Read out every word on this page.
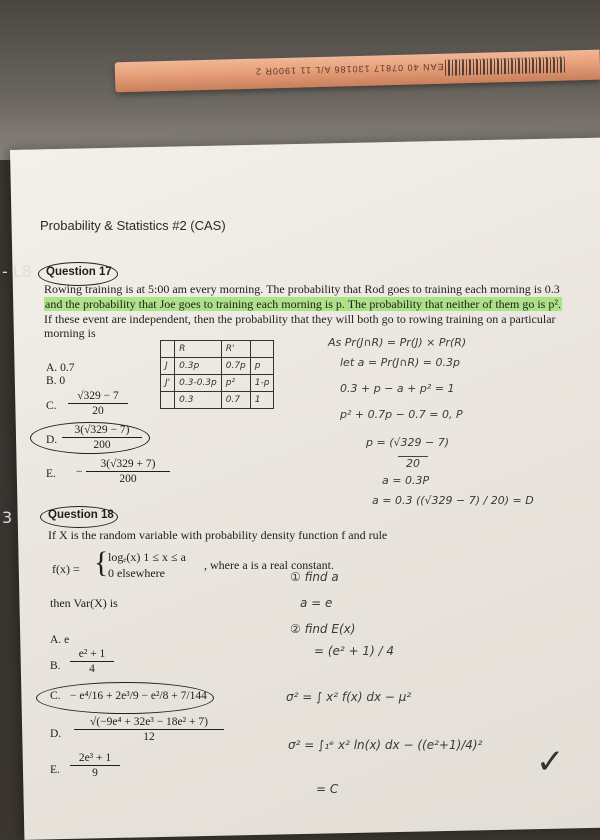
EAN 40 07817 130186 A/L 11 1900R 2
Probability & Statistics #2 (CAS)
- L8
3
Question 17
Rowing training is at 5:00 am every morning. The probability that Rod goes to training each morning is 0.3
and the probability that Joe goes to training each morning is p. The probability that neither of them go is p².
If these event are independent, then the probability that they will both go to rowing training on a particular
morning is
A. 0.7
B. 0
C.
√329 − 7
20
D.
3(√329 − 7)
200
E. −
3(√329 + 7)
200
	R	R'	
J	0.3p	0.7p	p
J'	0.3-0.3p	p²	1-p
	0.3	0.7	1
As Pr(J∩R) = Pr(J) × Pr(R)
let a = Pr(J∩R) = 0.3p
0.3 + p − a + p² = 1
p² + 0.7p − 0.7 = 0, P
p = (√329 − 7)
20
a = 0.3P
a = 0.3 ((√329 − 7) / 20) = D
Question 18
If X is the random variable with probability density function f and rule
f(x) = { logₑ(x) 1 ≤ x ≤ a
0 elsewhere
, where a is a real constant.
then Var(X) is
A. e
B.
e² + 1
4
C. − e⁴/16 + 2e³/9 − e²/8 + 7/144
D.
√(−9e⁴ + 32e³ − 18e² + 7)
12
E.
2e³ + 1
9
① find a
a = e
② find E(x)
= (e² + 1) / 4
σ² = ∫ x² f(x) dx − μ²
σ² = ∫₁ᵉ x² ln(x) dx − ((e²+1)/4)²
= C
✓
